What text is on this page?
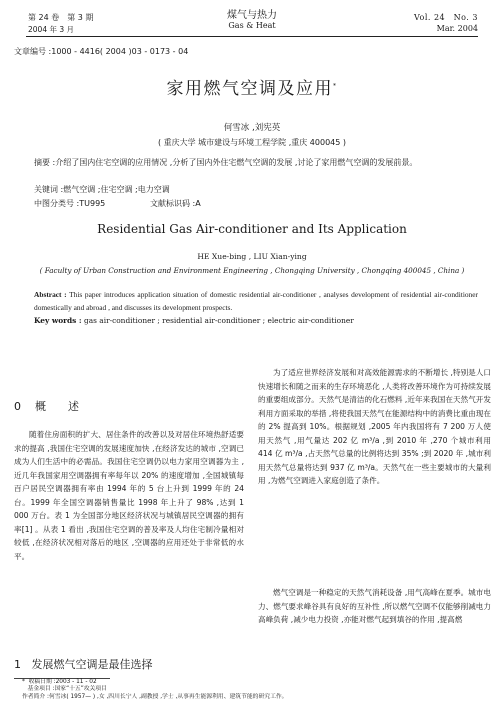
第 24 卷　第 3 期
2004 年 3 月
煤气与热力
Gas & Heat
Vol. 24　No. 3
Mar. 2004
文章编号 :1000 - 4416( 2004 )03 - 0173 - 04
家用燃气空调及应用*
何雪冰 ,刘宪英
( 重庆大学 城市建设与环境工程学院 ,重庆 400045 )
摘要 :介绍了国内住宅空调的应用情况 ,分析了国内外住宅燃气空调的发展 ,讨论了家用燃气空调的发展前景。
关键词 :燃气空调 ;住宅空调 ;电力空调
中图分类号 :TU995	文献标识码 :A
Residential Gas Air-conditioner and Its Application
HE Xue-bing , LIU Xian-ying
( Faculty of Urban Construction and Environment Engineering , Chongqing University , Chongqing 400045 , China )
Abstract : This paper introduces application situation of domestic residential air-conditioner , analyses development of residential air-conditioner domestically and abroad , and discusses its development prospects.
Key words : gas air-conditioner ; residential air-conditioner ; electric air-conditioner
0 概　　述
随着住房面积的扩大、居住条件的改善以及对居住环境热舒适要求的提高 ,我国住宅空调的发展速度加快 ,在经济发达的城市 ,空调已成为人们生活中的必需品。我国住宅空调仍以电力家用空调器为主 ,近几年我国家用空调器拥有率每年以 20% 的速度增加 ,全国城镇每百户居民空调器拥有率由 1994 年的 5 台上升到 1999 年的 24 台。1999 年全国空调器销售量比 1998 年上升了 98% ,达到 1 000 万台。表 1 为全国部分地区经济状况与城镇居民空调器的拥有率[1] 。从表 1 看出 ,我国住宅空调的普及率及人均住宅制冷量相对较低 ,在经济状况相对落后的地区 ,空调器的应用还处于非常低的水平。
1 发展燃气空调是最佳选择
为了适应世界经济发展和对高效能源需求的不断增长 ,特别是人口快速增长和随之而来的生存环境恶化 ,人类将改善环境作为可持续发展的重要组成部分。天然气是清洁的化石燃料 ,近年来我国在天然气开发利用方面采取的举措 ,将使我国天然气在能源结构中的消费比重由现在的 2% 提高到 10%。根据规划 ,2005 年内我国将有 7 200 万人使用天然气 ,用气量达 202 亿 m³/a ,到 2010 年 ,270 个城市利用 414 亿 m³/a ,占天然气总量的比例将达到 35% ;到 2020 年 ,城市利用天然气总量将达到 937 亿 m³/a。天然气在一些主要城市的大量利用 ,为燃气空调进入家庭创造了条件。
燃气空调是一种稳定的天然气消耗设备 ,用气高峰在夏季。城市电力、燃气要求峰谷具有良好的互补性 ,所以燃气空调不仅能够削减电力高峰负荷 ,减少电力投资 ,亦能对燃气起到填谷的作用 ,提高燃
* 收稿日期 :2003 - 11 - 02
基金项目 :国家“十五”攻关项目
作者简介 :何雪冰( 1957— ) ,女 ,四川长宁人 ,副教授 ,学士 ,从事再生能源利用、建筑节能的研究工作。
